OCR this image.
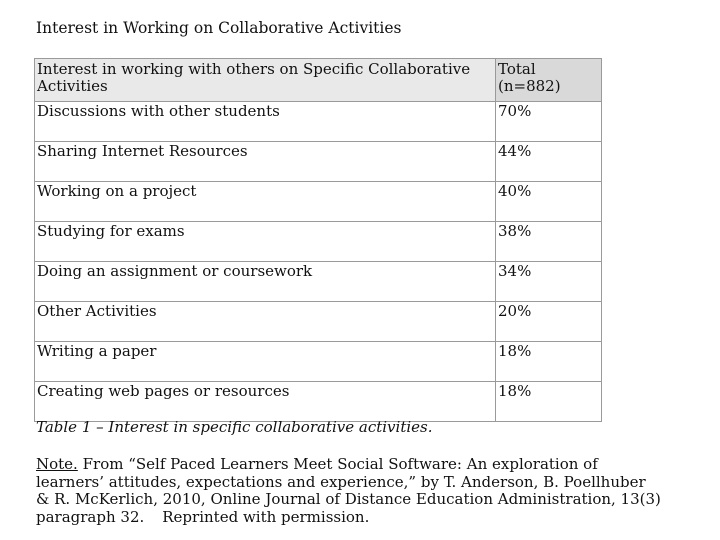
Interest in Working on Collaborative Activities
Interest in working with others on Specific Collaborative Activities	Total (n=882)
Discussions with other students	70%
Sharing Internet Resources	44%
Working on a project	40%
Studying for exams	38%
Doing an assignment or coursework	34%
Other Activities	20%
Writing a paper	18%
Creating web pages or resources	18%
Table 1 – Interest in specific collaborative activities.
Note. From “Self Paced Learners Meet Social Software: An exploration of
learners’ attitudes, expectations and experience,” by T. Anderson, B. Poellhuber
& R. McKerlich, 2010, Online Journal of Distance Education Administration, 13(3)
paragraph 32. Reprinted with permission.
